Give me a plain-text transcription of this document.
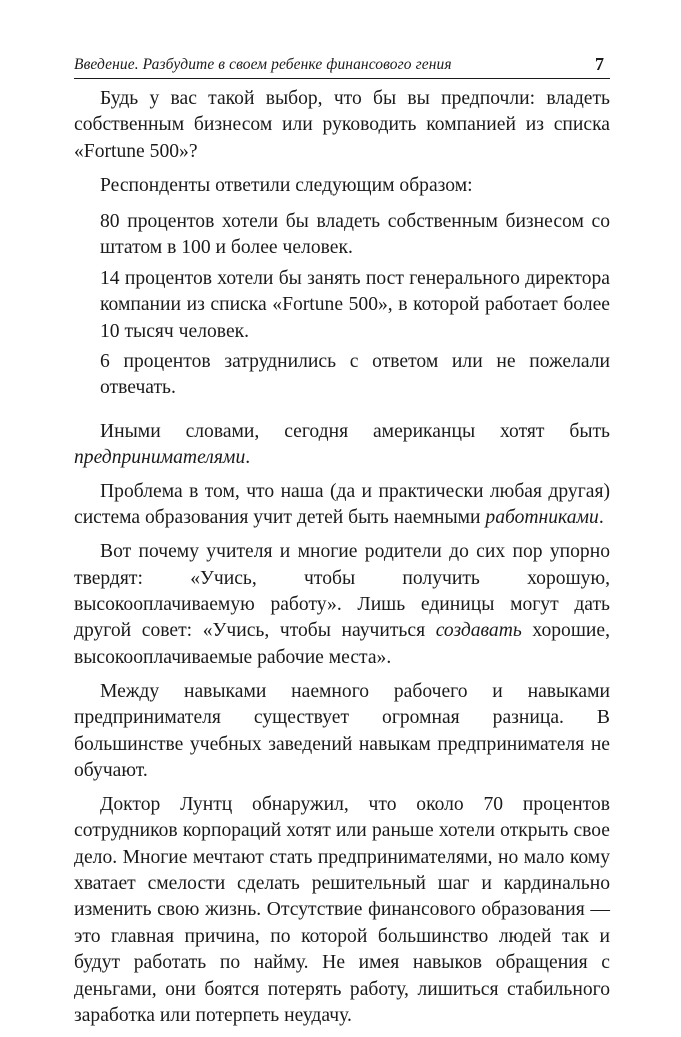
Введение. Разбудите в своем ребенке финансового гения	7

Будь у вас такой выбор, что бы вы предпочли: владеть собственным бизнесом или руководить компанией из списка «Fortune 500»?

Респонденты ответили следующим образом:

80 процентов хотели бы владеть собственным бизнесом со штатом в 100 и более человек.

14 процентов хотели бы занять пост генерального директора компании из списка «Fortune 500», в которой работает более 10 тысяч человек.

6 процентов затруднились с ответом или не пожелали отвечать.

Иными словами, сегодня американцы хотят быть предпринимателями.

Проблема в том, что наша (да и практически любая другая) система образования учит детей быть наемными работниками.

Вот почему учителя и многие родители до сих пор упорно твердят: «Учись, чтобы получить хорошую, высокооплачиваемую работу». Лишь единицы могут дать другой совет: «Учись, чтобы научиться создавать хорошие, высокооплачиваемые рабочие места».

Между навыками наемного рабочего и навыками предпринимателя существует огромная разница. В большинстве учебных заведений навыкам предпринимателя не обучают.

Доктор Лунтц обнаружил, что около 70 процентов сотрудников корпораций хотят или раньше хотели открыть свое дело. Многие мечтают стать предпринимателями, но мало кому хватает смелости сделать решительный шаг и кардинально изменить свою жизнь. Отсутствие финансового образования — это главная причина, по которой большинство людей так и будут работать по найму. Не имея навыков обращения с деньгами, они боятся потерять работу, лишиться стабильного заработка или потерпеть неудачу.
